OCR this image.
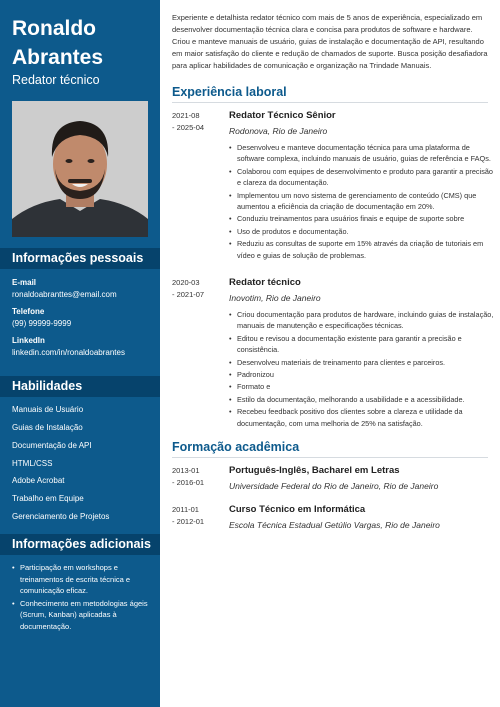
Ronaldo Abrantes
Redator técnico
Informações pessoais
E-mail
ronaldoabranttes@email.com
Telefone
(99) 99999-9999
LinkedIn
linkedin.com/in/ronaldoabrantes
Habilidades
Manuais de Usuário
Guias de Instalação
Documentação de API
HTML/CSS
Adobe Acrobat
Trabalho em Equipe
Gerenciamento de Projetos
Informações adicionais
• Participação em workshops e treinamentos de escrita técnica e comunicação eficaz.
• Conhecimento em metodologias ágeis (Scrum, Kanban) aplicadas à documentação.
Experiente e detalhista redator técnico com mais de 5 anos de experiência, especializado em desenvolver documentação técnica clara e concisa para produtos de software e hardware. Criou e manteve manuais de usuário, guias de instalação e documentação de API, resultando em maior satisfação do cliente e redução de chamados de suporte. Busca posição desafiadora para aplicar habilidades de comunicação e organização na Trindade Manuais.
Experiência laboral
2021-08
- 2025-04
Redator Técnico Sênior
Rodonova, Rio de Janeiro
• Desenvolveu e manteve documentação técnica para uma plataforma de software complexa, incluindo manuais de usuário, guias de referência e FAQs.
• Colaborou com equipes de desenvolvimento e produto para garantir a precisão e clareza da documentação.
• Implementou um novo sistema de gerenciamento de conteúdo (CMS) que aumentou a eficiência da criação de documentação em 20%.
• Conduziu treinamentos para usuários finais e equipe de suporte sobre
• Uso de produtos e documentação.
• Reduziu as consultas de suporte em 15% através da criação de tutoriais em vídeo e guias de solução de problemas.
2020-03
- 2021-07
Redator técnico
Inovotim, Rio de Janeiro
• Criou documentação para produtos de hardware, incluindo guias de instalação, manuais de manutenção e especificações técnicas.
• Editou e revisou a documentação existente para garantir a precisão e consistência.
• Desenvolveu materiais de treinamento para clientes e parceiros.
• Padronizou
• Formato e
• Estilo da documentação, melhorando a usabilidade e a acessibilidade.
• Recebeu feedback positivo dos clientes sobre a clareza e utilidade da documentação, com uma melhoria de 25% na satisfação.
Formação acadêmica
2013-01
- 2016-01
Português-Inglês, Bacharel em Letras
Universidade Federal do Rio de Janeiro, Rio de Janeiro
2011-01
- 2012-01
Curso Técnico em Informática
Escola Técnica Estadual Getúlio Vargas, Rio de Janeiro
